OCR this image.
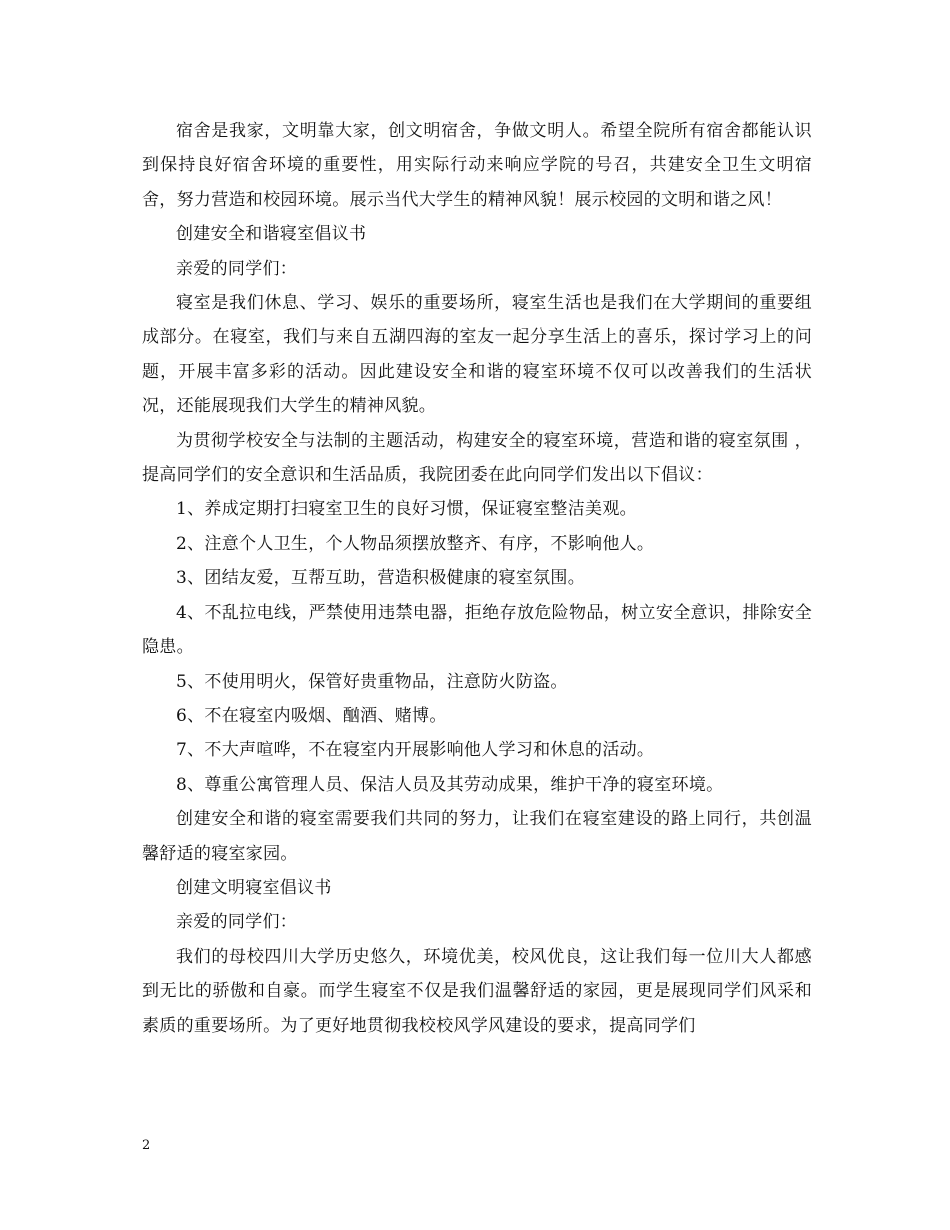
宿舍是我家，文明靠大家，创文明宿舍，争做文明人。希望全院所有宿舍都能认识到保持良好宿舍环境的重要性，用实际行动来响应学院的号召，共建安全卫生文明宿舍，努力营造和校园环境。展示当代大学生的精神风貌！展示校园的文明和谐之风！

创建安全和谐寝室倡议书

亲爱的同学们：

寝室是我们休息、学习、娱乐的重要场所，寝室生活也是我们在大学期间的重要组成部分。在寝室，我们与来自五湖四海的室友一起分享生活上的喜乐，探讨学习上的问题，开展丰富多彩的活动。因此建设安全和谐的寝室环境不仅可以改善我们的生活状况，还能展现我们大学生的精神风貌。

为贯彻学校安全与法制的主题活动，构建安全的寝室环境，营造和谐的寝室氛围 ，提高同学们的安全意识和生活品质，我院团委在此向同学们发出以下倡议：

1、养成定期打扫寝室卫生的良好习惯，保证寝室整洁美观。

2、注意个人卫生，个人物品须摆放整齐、有序，不影响他人。

3、团结友爱，互帮互助，营造积极健康的寝室氛围。

4、不乱拉电线，严禁使用违禁电器，拒绝存放危险物品，树立安全意识，排除安全隐患。

5、不使用明火，保管好贵重物品，注意防火防盗。

6、不在寝室内吸烟、酗酒、赌博。

7、不大声喧哗，不在寝室内开展影响他人学习和休息的活动。

8、尊重公寓管理人员、保洁人员及其劳动成果，维护干净的寝室环境。

创建安全和谐的寝室需要我们共同的努力，让我们在寝室建设的路上同行，共创温馨舒适的寝室家园。

创建文明寝室倡议书

亲爱的同学们：

我们的母校四川大学历史悠久，环境优美，校风优良，这让我们每一位川大人都感到无比的骄傲和自豪。而学生寝室不仅是我们温馨舒适的家园，更是展现同学们风采和素质的重要场所。为了更好地贯彻我校校风学风建设的要求，提高同学们

2
